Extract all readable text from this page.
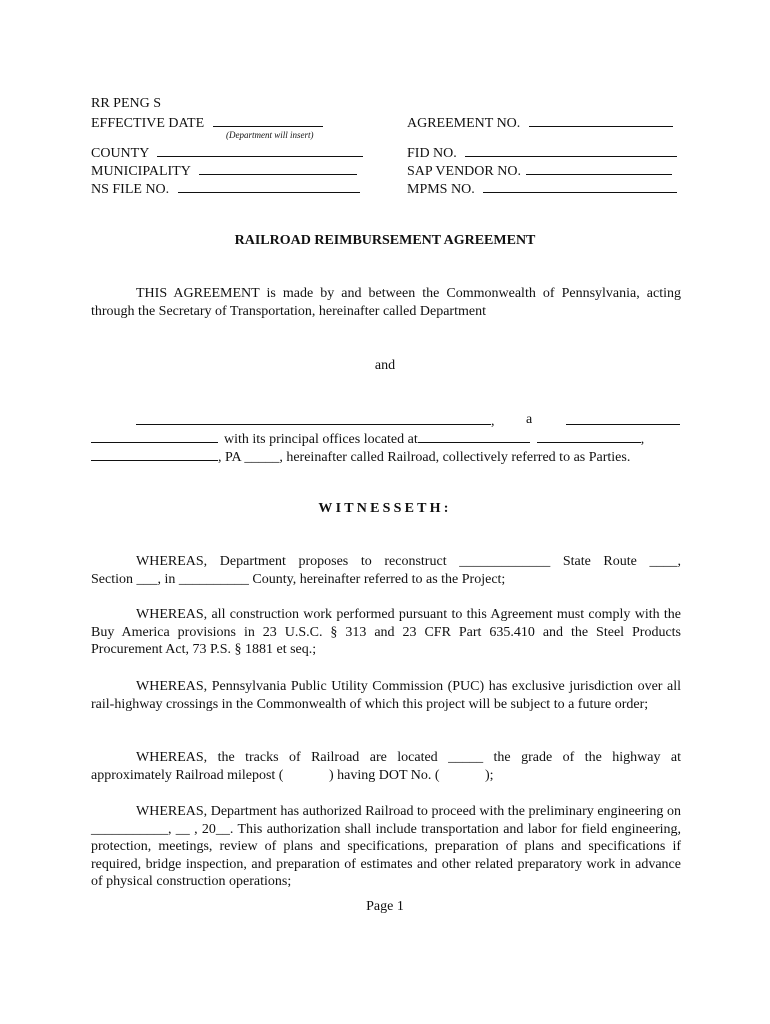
RR PENG S
EFFECTIVE DATE
(Department will insert)
AGREEMENT NO.
COUNTY
MUNICIPALITY
NS FILE NO.
FID NO.
SAP VENDOR NO.
MPMS NO.
RAILROAD REIMBURSEMENT AGREEMENT
THIS AGREEMENT is made by and between the Commonwealth of Pennsylvania, acting through the Secretary of Transportation, hereinafter called Department
and
, a
with its principal offices located at	,
, PA _____, hereinafter called Railroad, collectively referred to as Parties.
WITNESSETH:
WHEREAS, Department proposes to reconstruct _____________ State Route ____,
Section ___, in __________ County, hereinafter referred to as the Project;
WHEREAS, all construction work performed pursuant to this Agreement must comply with the Buy America provisions in 23 U.S.C. § 313 and 23 CFR Part 635.410 and the Steel Products Procurement Act, 73 P.S. § 1881 et seq.;
WHEREAS, Pennsylvania Public Utility Commission (PUC) has exclusive jurisdiction over all rail-highway crossings in the Commonwealth of which this project will be subject to a future order;
WHEREAS, the tracks of Railroad are located _____ the grade of the highway at
approximately Railroad milepost (             ) having DOT No. (             );
WHEREAS, Department has authorized Railroad to proceed with the preliminary engineering on ___________, __ , 20__. This authorization shall include transportation and labor for field engineering, protection, meetings, review of plans and specifications, preparation of plans and specifications if required, bridge inspection, and preparation of estimates and other related preparatory work in advance of physical construction operations;
Page 1
